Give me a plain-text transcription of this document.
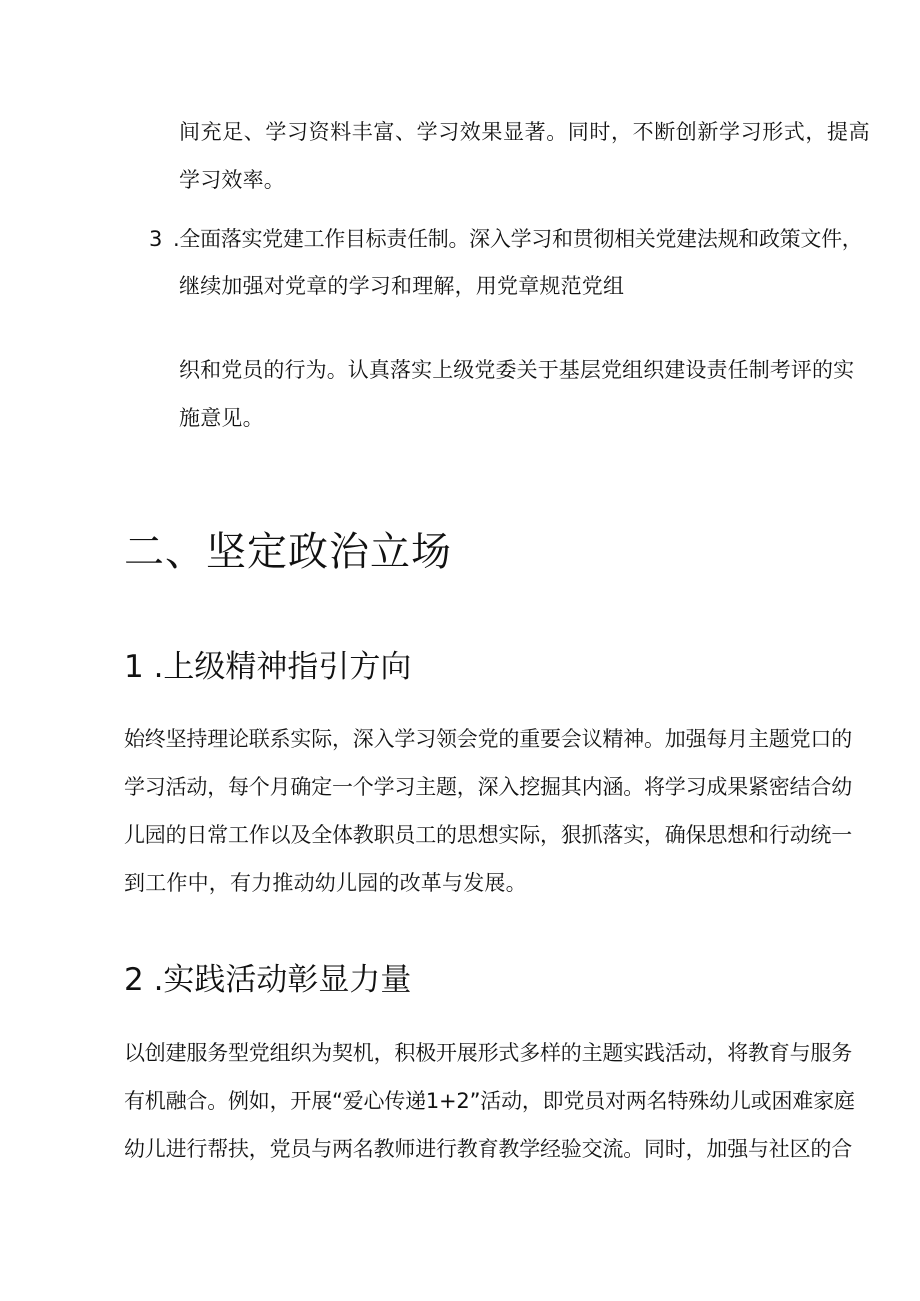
间充足、学习资料丰富、学习效果显著。同时，不断创新学习形式，提高
学习效率。
3 .全面落实党建工作目标责任制。深入学习和贯彻相关党建法规和政策文件，
继续加强对党章的学习和理解，用党章规范党组
织和党员的行为。认真落实上级党委关于基层党组织建设责任制考评的实
施意见。
二、坚定政治立场
1 .上级精神指引方向
始终坚持理论联系实际，深入学习领会党的重要会议精神。加强每月主题党口的
学习活动，每个月确定一个学习主题，深入挖掘其内涵。将学习成果紧密结合幼
儿园的日常工作以及全体教职员工的思想实际，狠抓落实，确保思想和行动统一
到工作中，有力推动幼儿园的改革与发展。
2 .实践活动彰显力量
以创建服务型党组织为契机，积极开展形式多样的主题实践活动，将教育与服务
有机融合。例如，开展“爱心传递1+2”活动，即党员对两名特殊幼儿或困难家庭
幼儿进行帮扶，党员与两名教师进行教育教学经验交流。同时，加强与社区的合
